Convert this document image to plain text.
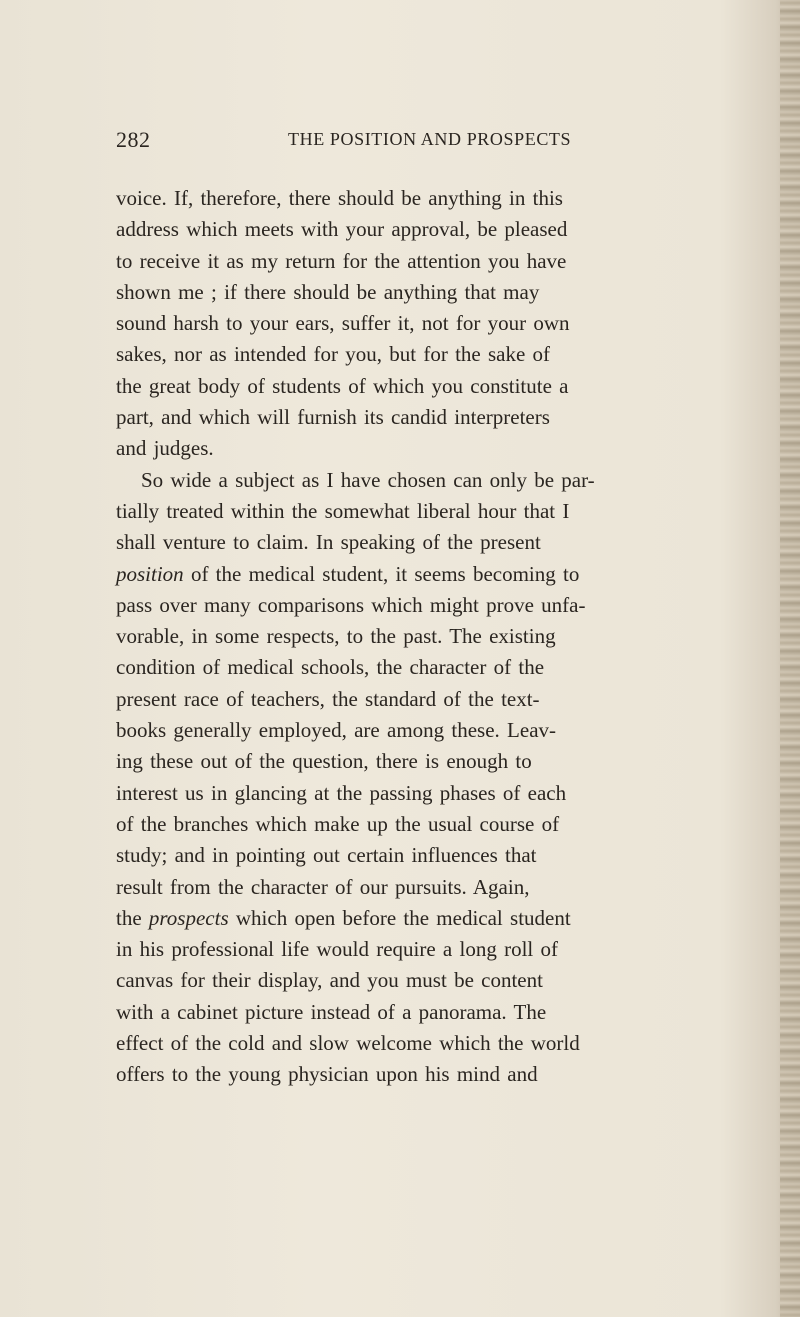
282	THE POSITION AND PROSPECTS
voice. If, therefore, there should be anything in this
address which meets with your approval, be pleased
to receive it as my return for the attention you have
shown me ; if there should be anything that may
sound harsh to your ears, suffer it, not for your own
sakes, nor as intended for you, but for the sake of
the great body of students of which you constitute a
part, and which will furnish its candid interpreters
and judges.
So wide a subject as I have chosen can only be par-
tially treated within the somewhat liberal hour that I
shall venture to claim. In speaking of the present
position of the medical student, it seems becoming to
pass over many comparisons which might prove unfa-
vorable, in some respects, to the past. The existing
condition of medical schools, the character of the
present race of teachers, the standard of the text-
books generally employed, are among these. Leav-
ing these out of the question, there is enough to
interest us in glancing at the passing phases of each
of the branches which make up the usual course of
study; and in pointing out certain influences that
result from the character of our pursuits. Again,
the prospects which open before the medical student
in his professional life would require a long roll of
canvas for their display, and you must be content
with a cabinet picture instead of a panorama. The
effect of the cold and slow welcome which the world
offers to the young physician upon his mind and
